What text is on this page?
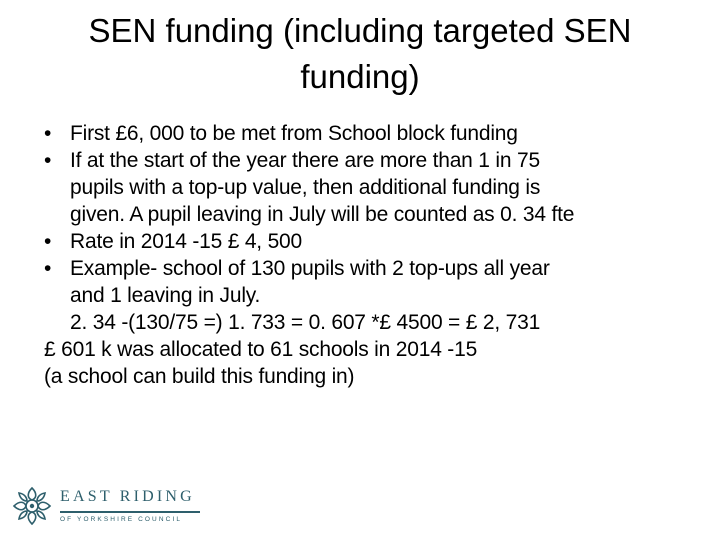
SEN funding (including targeted SEN
funding)
• First £6, 000 to be met from School block funding
• If at the start of the year there are more than 1 in 75
pupils with a top-up value, then additional funding is
given. A pupil leaving in July will be counted as 0. 34 fte
• Rate in 2014 -15 £ 4, 500
• Example- school of 130 pupils with 2 top-ups all year
and 1 leaving in July.

2. 34 -(130/75 =) 1. 733 = 0. 607 *£ 4500 = £ 2, 731

£ 601 k was allocated to 61 schools in 2014 -15

(a school can build this funding in)

EAST RIDING
OF YORKSHIRE COUNCIL
